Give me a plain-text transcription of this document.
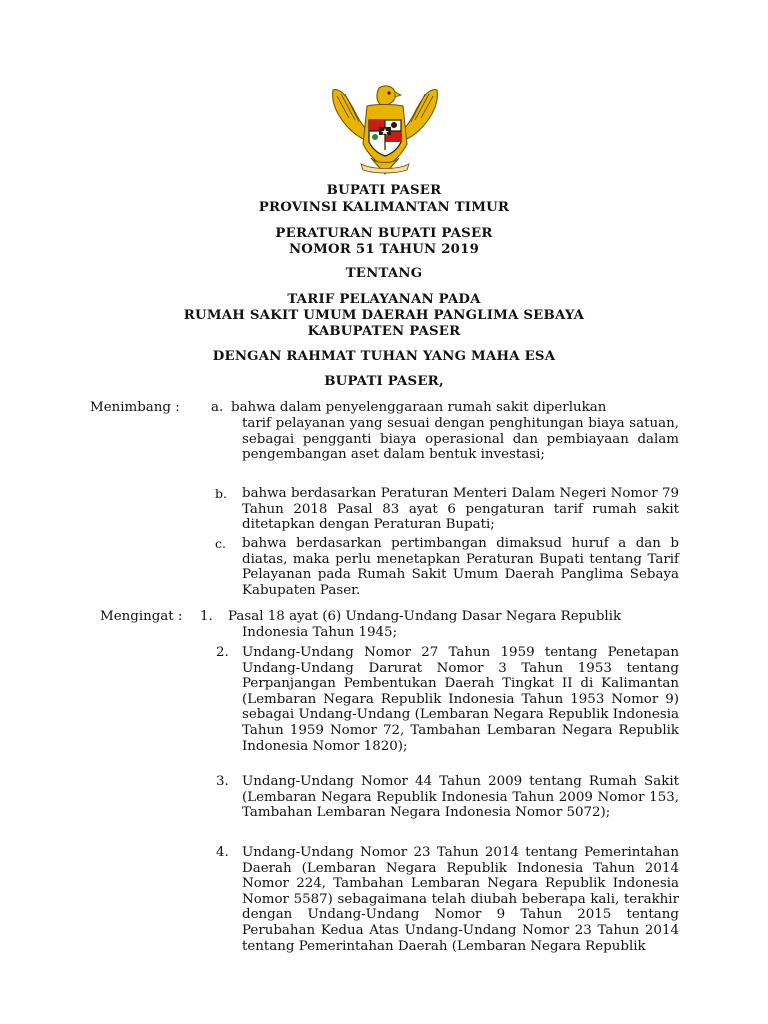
BUPATI PASER
PROVINSI KALIMANTAN TIMUR
PERATURAN BUPATI PASER
NOMOR 51 TAHUN 2019
TENTANG
TARIF PELAYANAN PADA
RUMAH SAKIT UMUM DAERAH PANGLIMA SEBAYA
KABUPATEN PASER
DENGAN RAHMAT TUHAN YANG MAHA ESA
BUPATI PASER,
Menimbang : a. bahwa dalam penyelenggaraan rumah sakit diperlukan

tarif pelayanan yang sesuai dengan penghitungan biaya satuan, sebagai pengganti biaya operasional dan pembiayaan dalam pengembangan aset dalam bentuk investasi;

b. bahwa berdasarkan Peraturan Menteri Dalam Negeri Nomor 79 Tahun 2018 Pasal 83 ayat 6 pengaturan tarif rumah sakit ditetapkan dengan Peraturan Bupati;

c. bahwa berdasarkan pertimbangan dimaksud huruf a dan b diatas, maka perlu menetapkan Peraturan Bupati tentang Tarif Pelayanan pada Rumah Sakit Umum Daerah Panglima Sebaya Kabupaten Paser.

Mengingat : 1. Pasal 18 ayat (6) Undang-Undang Dasar Negara Republik

Indonesia Tahun 1945;

2. Undang-Undang Nomor 27 Tahun 1959 tentang Penetapan Undang-Undang Darurat Nomor 3 Tahun 1953 tentang Perpanjangan Pembentukan Daerah Tingkat II di Kalimantan (Lembaran Negara Republik Indonesia Tahun 1953 Nomor 9) sebagai Undang-Undang (Lembaran Negara Republik Indonesia Tahun 1959 Nomor 72, Tambahan Lembaran Negara Republik Indonesia Nomor 1820);

3. Undang-Undang Nomor 44 Tahun 2009 tentang Rumah Sakit (Lembaran Negara Republik Indonesia Tahun 2009 Nomor 153, Tambahan Lembaran Negara Indonesia Nomor 5072);

4. Undang-Undang Nomor 23 Tahun 2014 tentang Pemerintahan Daerah (Lembaran Negara Republik Indonesia Tahun 2014 Nomor 224, Tambahan Lembaran Negara Republik Indonesia Nomor 5587) sebagaimana telah diubah beberapa kali, terakhir dengan Undang-Undang Nomor 9 Tahun 2015 tentang Perubahan Kedua Atas Undang-Undang Nomor 23 Tahun 2014 tentang Pemerintahan Daerah (Lembaran Negara Republik
